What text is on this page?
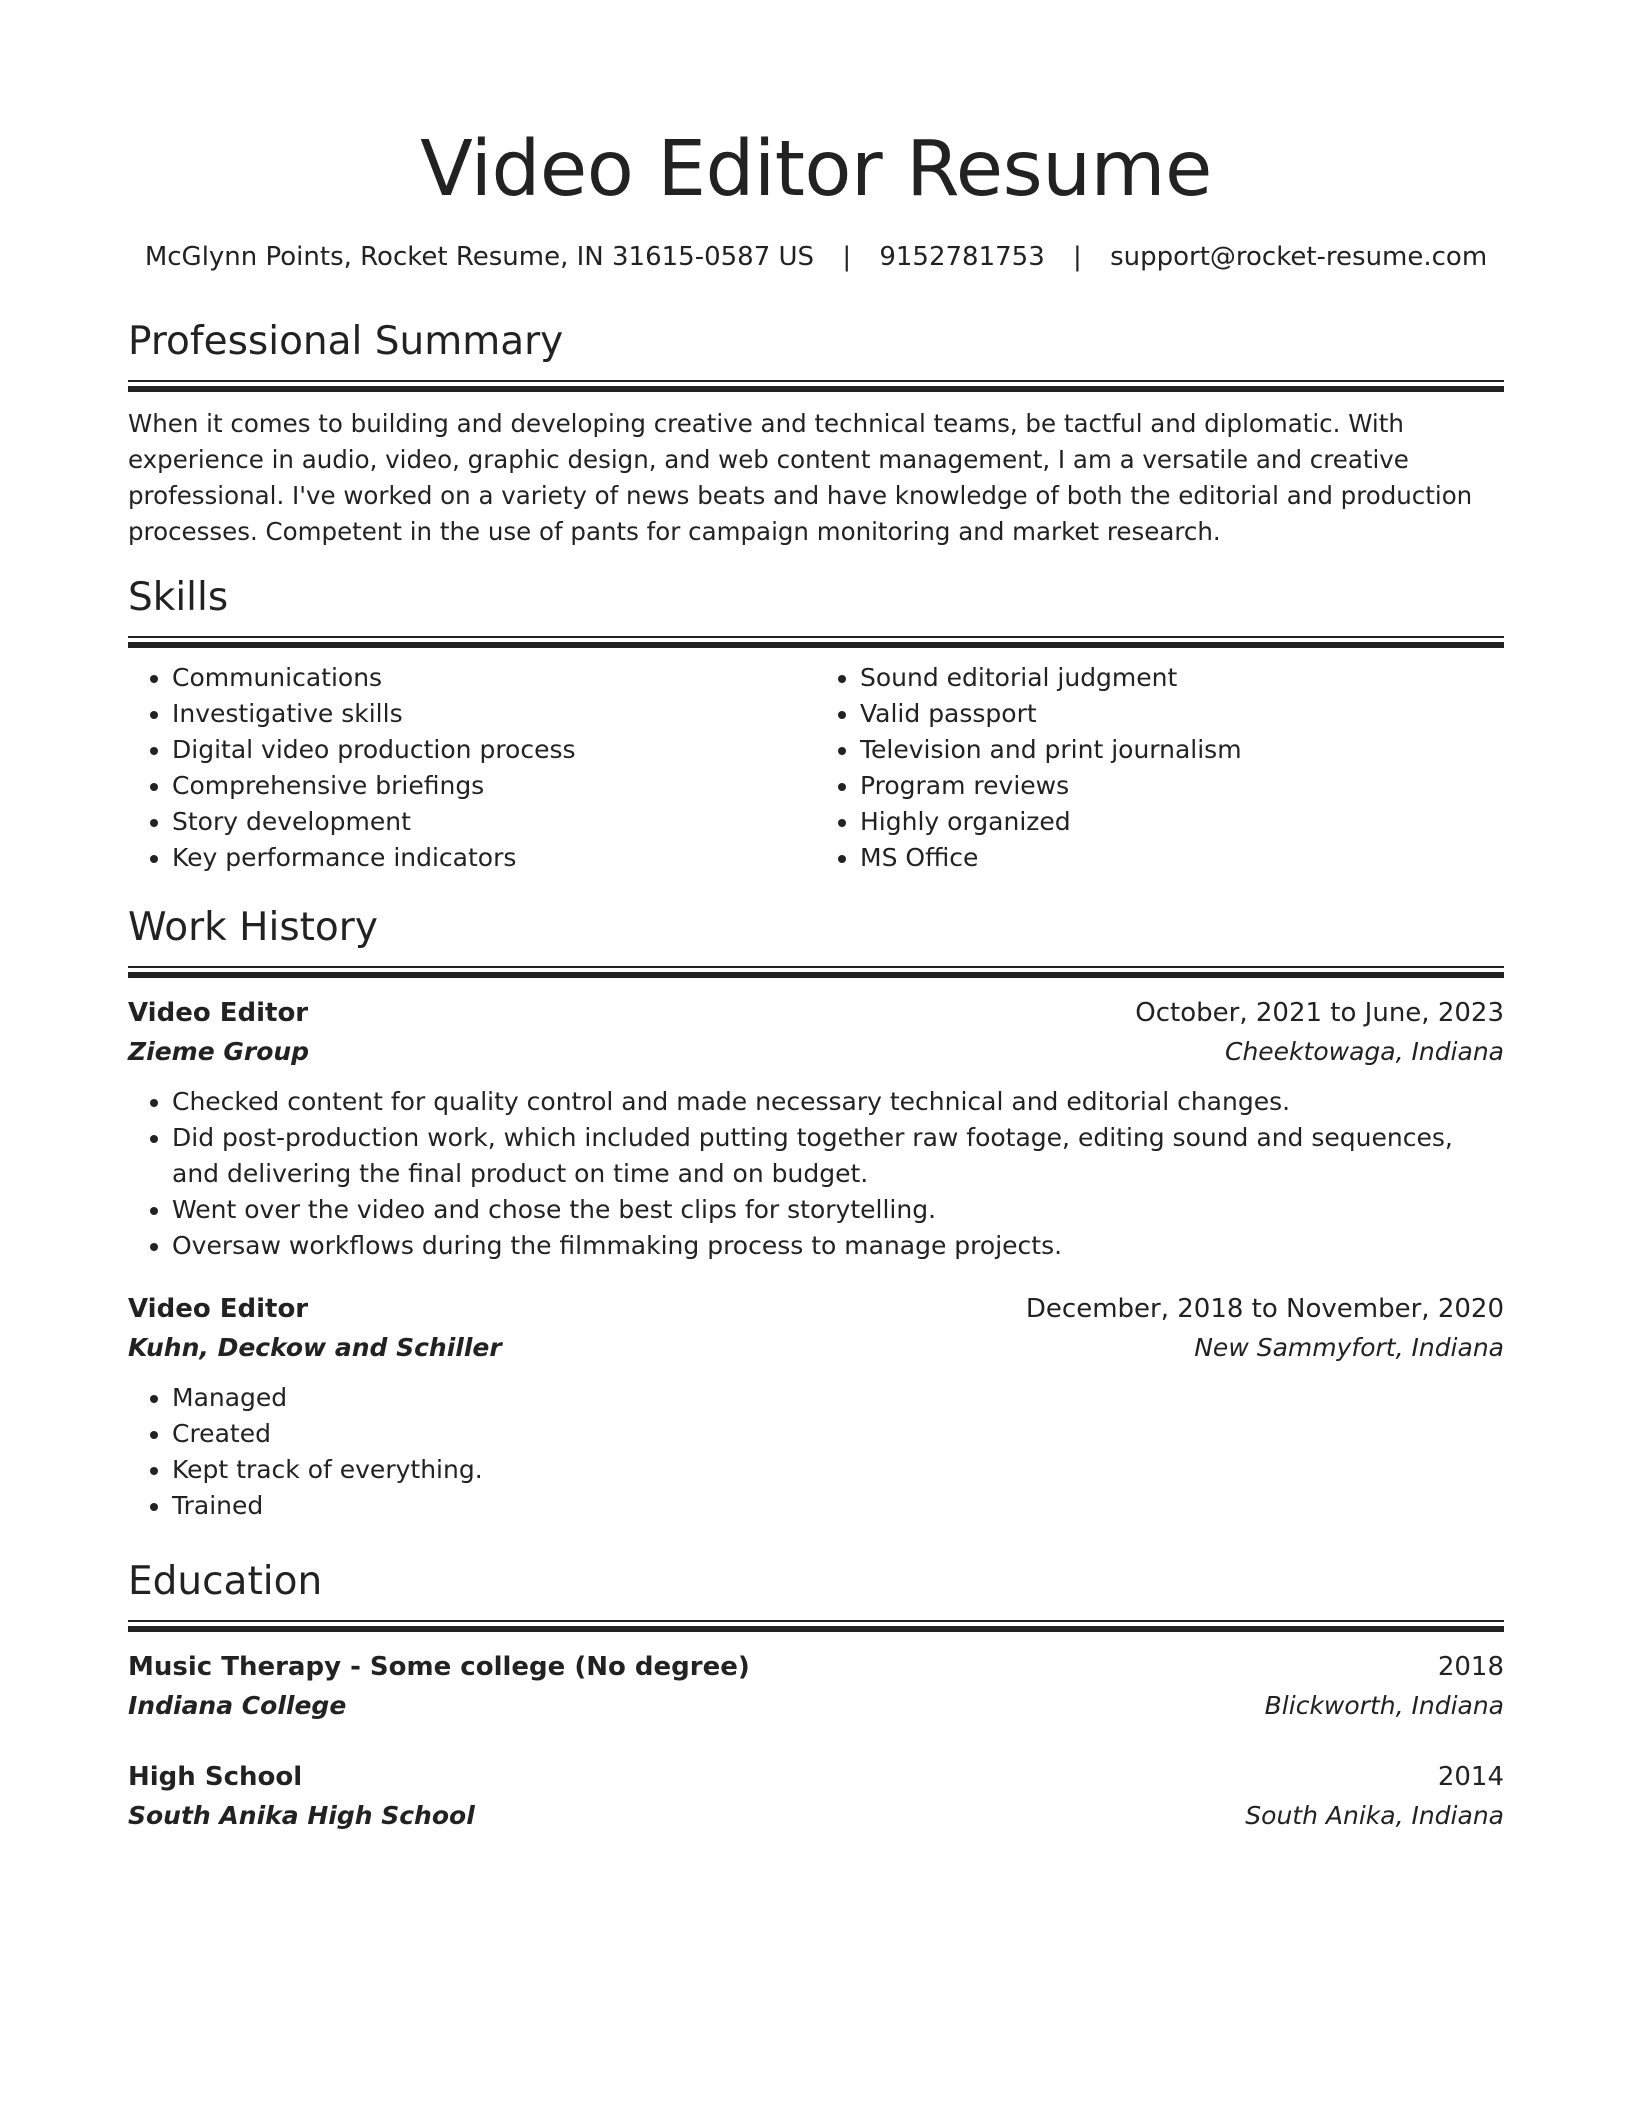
Video Editor Resume
McGlynn Points, Rocket Resume, IN 31615-0587 US | 9152781753 | support@rocket-resume.com
Professional Summary

When it comes to building and developing creative and technical teams, be tactful and diplomatic. With experience in audio, video, graphic design, and web content management, I am a versatile and creative professional. I've worked on a variety of news beats and have knowledge of both the editorial and production processes. Competent in the use of pants for campaign monitoring and market research.

Skills
• Communications
• Investigative skills
• Digital video production process
• Comprehensive briefings
• Story development
• Key performance indicators
• Sound editorial judgment
• Valid passport
• Television and print journalism
• Program reviews
• Highly organized
• MS Office
Work History
Video Editor	October, 2021 to June, 2023
Zieme Group	Cheektowaga, Indiana
• Checked content for quality control and made necessary technical and editorial changes.
• Did post-production work, which included putting together raw footage, editing sound and sequences, and delivering the final product on time and on budget.
• Went over the video and chose the best clips for storytelling.
• Oversaw workflows during the filmmaking process to manage projects.
Video Editor	December, 2018 to November, 2020
Kuhn, Deckow and Schiller	New Sammyfort, Indiana
• Managed
• Created
• Kept track of everything.
• Trained
Education
Music Therapy - Some college (No degree)	2018
Indiana College	Blickworth, Indiana
High School	2014
South Anika High School	South Anika, Indiana
